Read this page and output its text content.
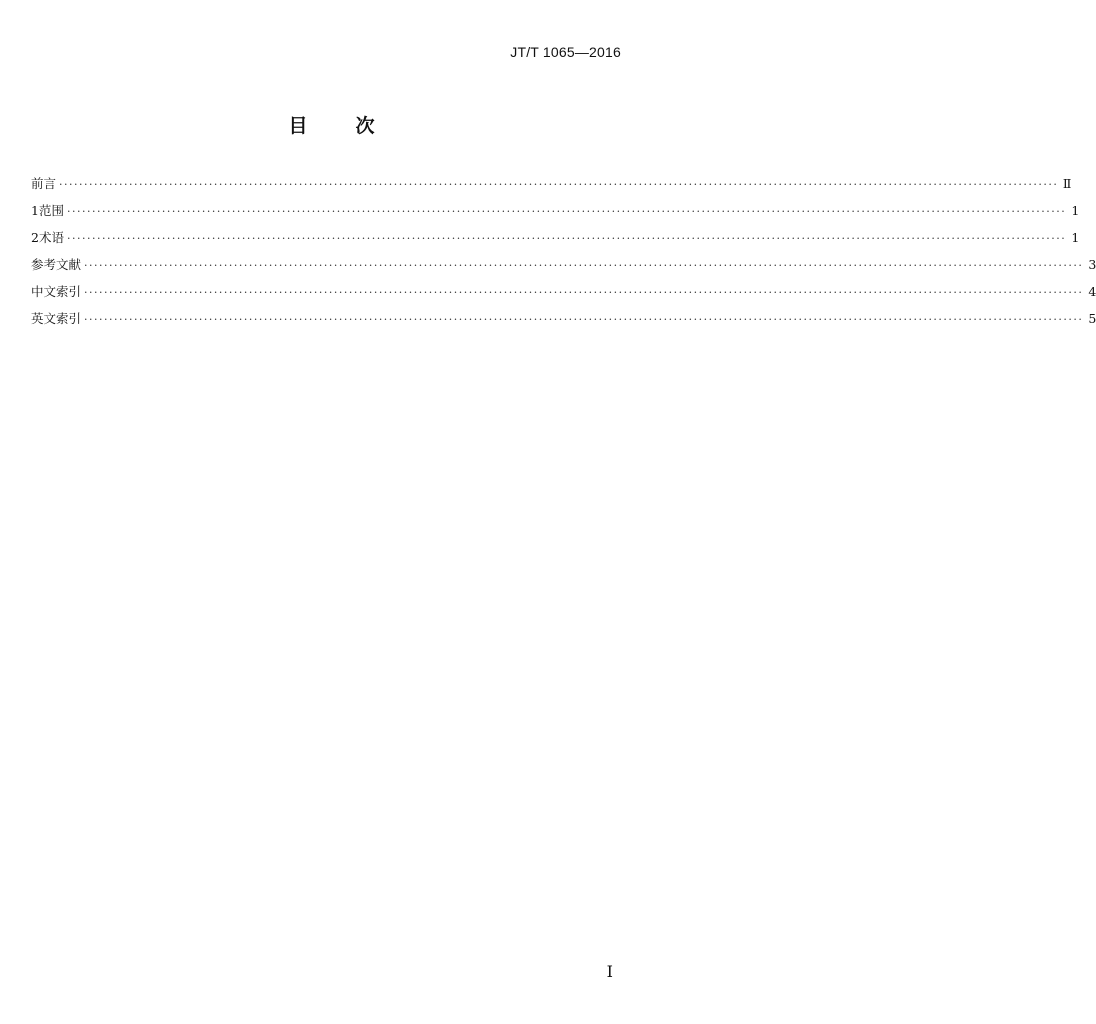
JT/T 1065—2016
目	次
前言 ········································································································································································································ Ⅱ
1 范围 ········································································································································································································ 1
2 术语 ········································································································································································································ 1
参考文献 ········································································································································································································ 3
中文索引 ········································································································································································································ 4
英文索引 ········································································································································································································ 5
I
